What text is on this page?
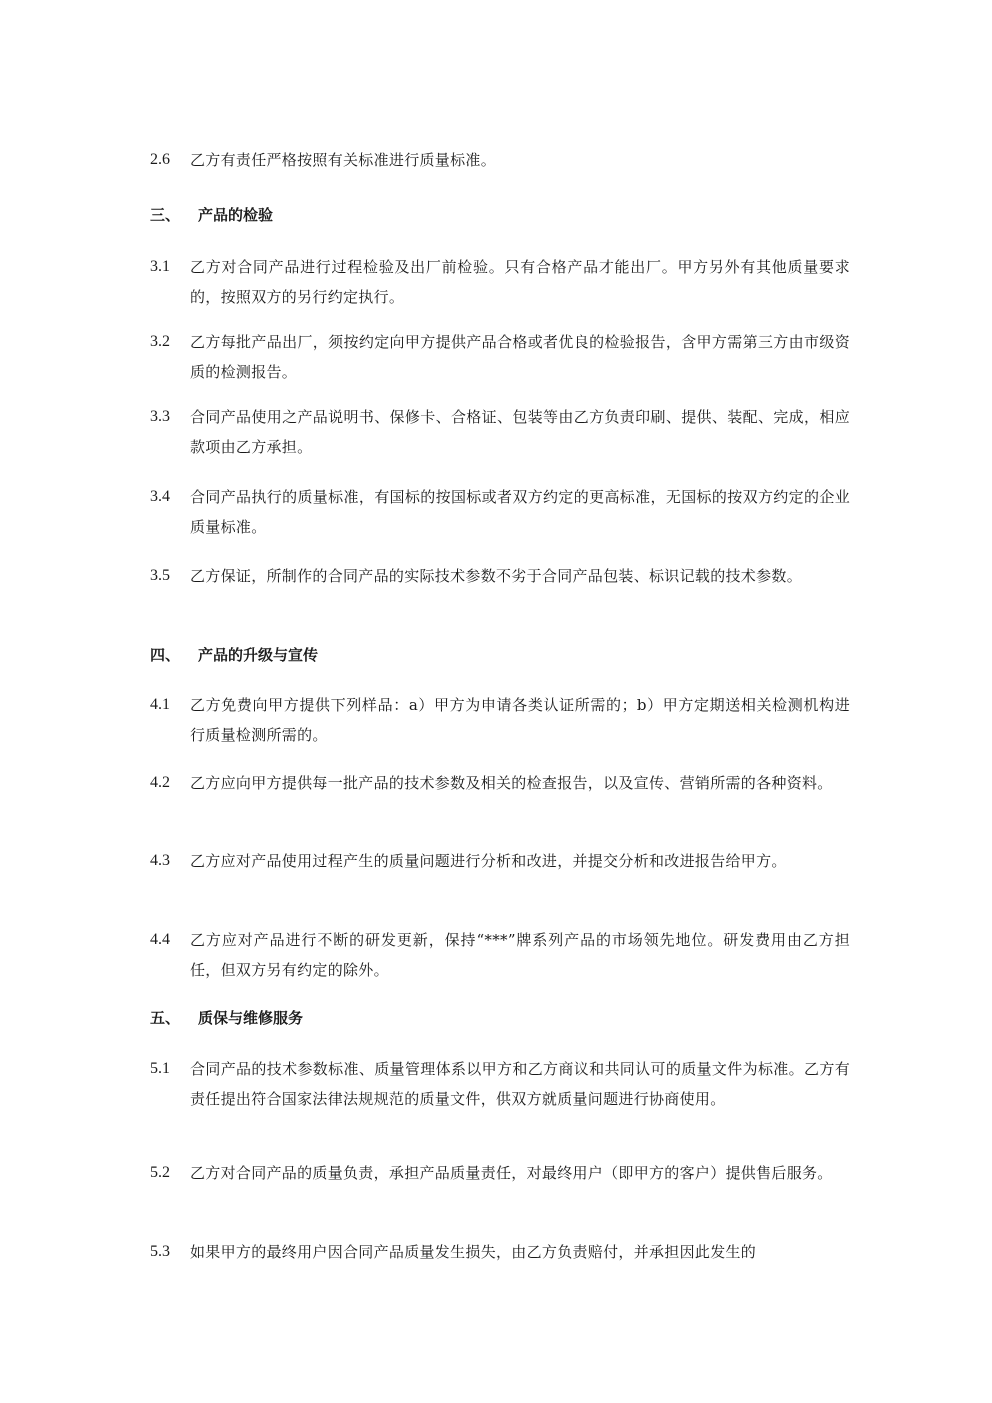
2.6	乙方有责任严格按照有关标准进行质量标准。
三、	产品的检验
3.1	乙方对合同产品进行过程检验及出厂前检验。只有合格产品才能出厂。甲方另外有其他质量要求的，按照双方的另行约定执行。
3.2	乙方每批产品出厂，须按约定向甲方提供产品合格或者优良的检验报告，含甲方需第三方由市级资质的检测报告。
3.3	合同产品使用之产品说明书、保修卡、合格证、包装等由乙方负责印刷、提供、装配、完成，相应款项由乙方承担。
3.4	合同产品执行的质量标准，有国标的按国标或者双方约定的更高标准，无国标的按双方约定的企业质量标准。
3.5	乙方保证，所制作的合同产品的实际技术参数不劣于合同产品包装、标识记载的技术参数。
四、	产品的升级与宣传
4.1	乙方免费向甲方提供下列样品：a）甲方为申请各类认证所需的；b）甲方定期送相关检测机构进行质量检测所需的。
4.2	乙方应向甲方提供每一批产品的技术参数及相关的检查报告，以及宣传、营销所需的各种资料。
4.3	乙方应对产品使用过程产生的质量问题进行分析和改进，并提交分析和改进报告给甲方。
4.4	乙方应对产品进行不断的研发更新，保持“***”牌系列产品的市场领先地位。研发费用由乙方担任，但双方另有约定的除外。
五、	质保与维修服务
5.1	合同产品的技术参数标准、质量管理体系以甲方和乙方商议和共同认可的质量文件为标准。乙方有责任提出符合国家法律法规规范的质量文件，供双方就质量问题进行协商使用。
5.2	乙方对合同产品的质量负责，承担产品质量责任，对最终用户（即甲方的客户）提供售后服务。
5.3	如果甲方的最终用户因合同产品质量发生损失，由乙方负责赔付，并承担因此发生的
